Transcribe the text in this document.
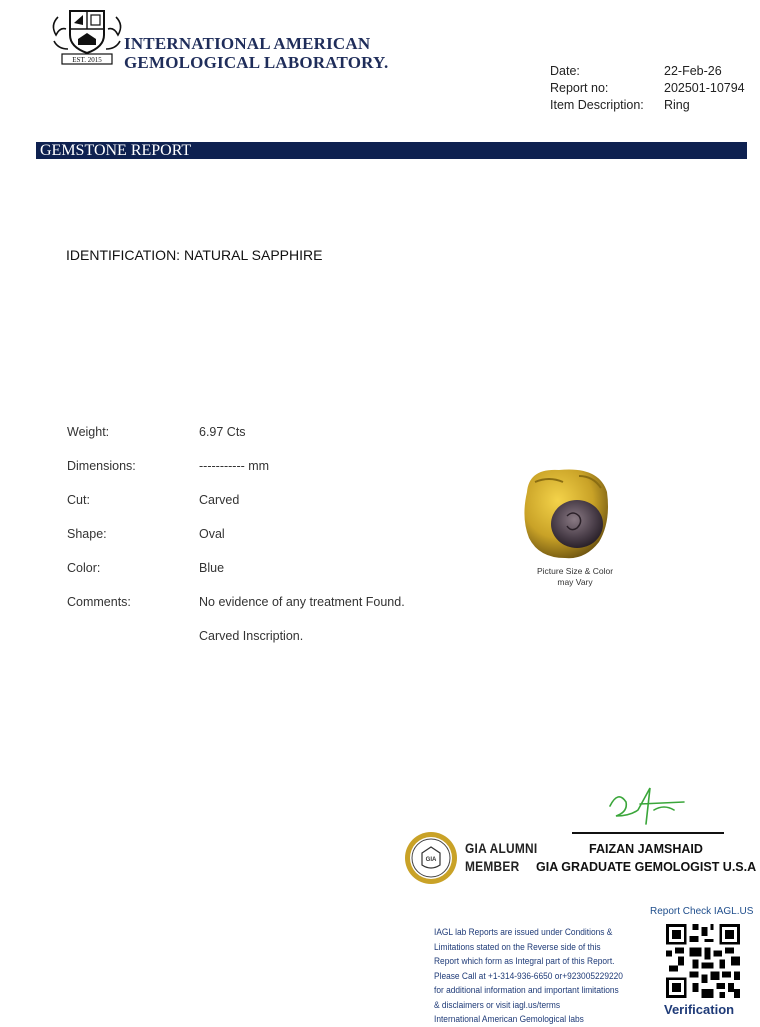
EST. 2015
INTERNATIONAL AMERICAN
GEMOLOGICAL LABORATORY.	Date:	22-Feb-26
Report no:	202501-10794
Item Description: Ring
GEMSTONE REPORT
IDENTIFICATION: NATURAL SAPPHIRE
Weight:	6.97 Cts
Dimensions:	----------- mm
Cut:	Carved
Shape:	Oval
Color:	Blue
Comments:	No evidence of any treatment Found.
Carved Inscription.
Picture Size & Color
may Vary
FAIZAN JAMSHAID
GIA GRADUATE GEMOLOGIST U.S.A
GIA
GIA ALUMNI
MEMBER
IAGL lab Reports are issued under Conditions &
Limitations stated on the Reverse side of this
Report which form as Integral part of this Report.
Please Call at +1-314-936-6650 or+923005229220
for additional information and important limitations
& disclaimers or visit iagl.us/terms
International American Gemological labs
Report Check IAGL.US
Verification
